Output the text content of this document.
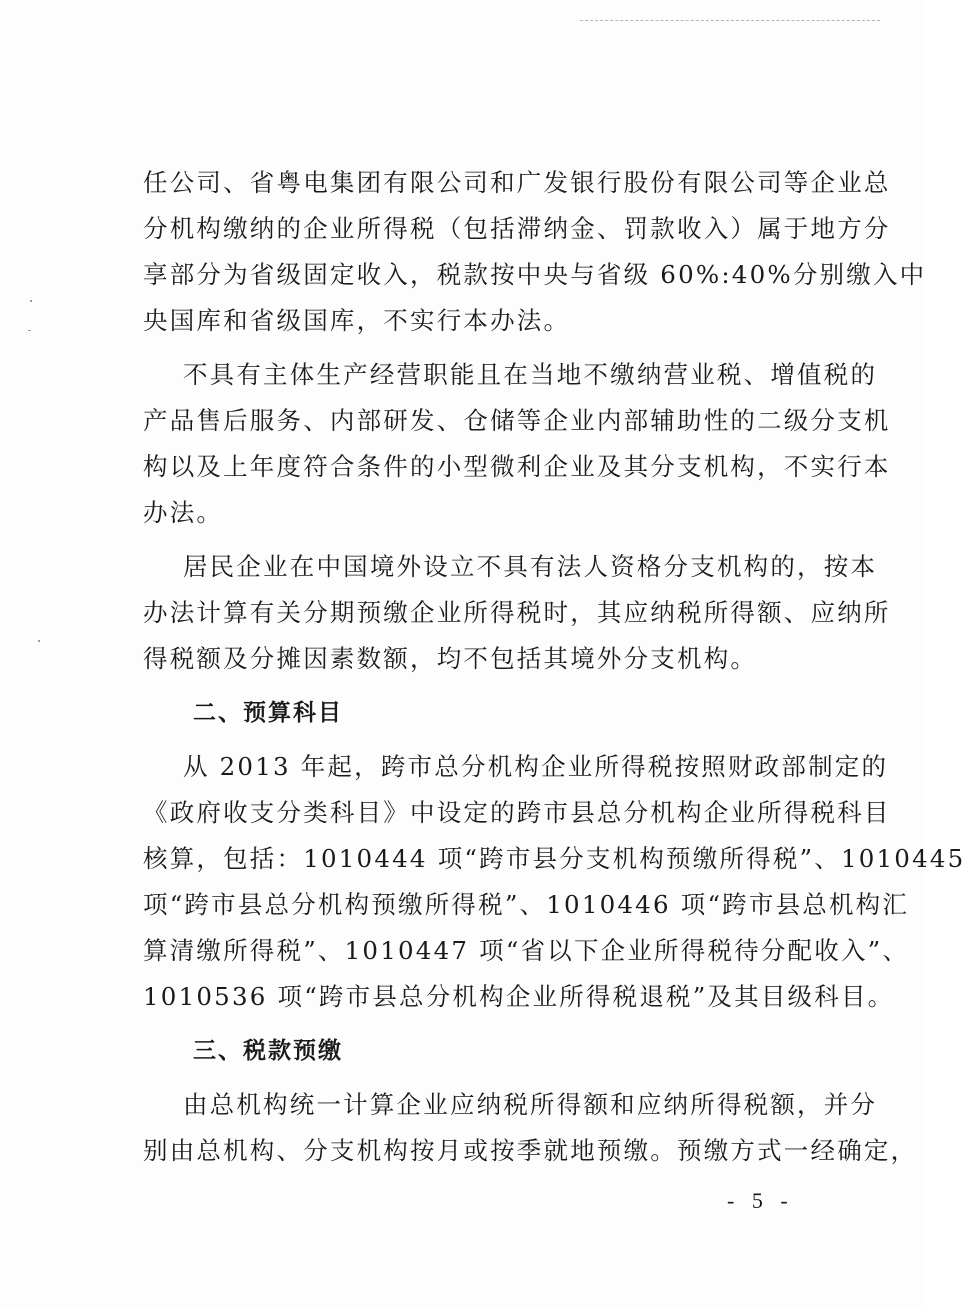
任公司、省粤电集团有限公司和广发银行股份有限公司等企业总
分机构缴纳的企业所得税（包括滞纳金、罚款收入）属于地方分
享部分为省级固定收入，税款按中央与省级 60%:40%分别缴入中
央国库和省级国库，不实行本办法。
不具有主体生产经营职能且在当地不缴纳营业税、增值税的
产品售后服务、内部研发、仓储等企业内部辅助性的二级分支机
构以及上年度符合条件的小型微利企业及其分支机构，不实行本
办法。
居民企业在中国境外设立不具有法人资格分支机构的，按本
办法计算有关分期预缴企业所得税时，其应纳税所得额、应纳所
得税额及分摊因素数额，均不包括其境外分支机构。
二、预算科目
从 2013 年起，跨市总分机构企业所得税按照财政部制定的
《政府收支分类科目》中设定的跨市县总分机构企业所得税科目
核算，包括：1010444 项“跨市县分支机构预缴所得税”、1010445
项“跨市县总分机构预缴所得税”、1010446 项“跨市县总机构汇
算清缴所得税”、1010447 项“省以下企业所得税待分配收入”、
1010536 项“跨市县总分机构企业所得税退税”及其目级科目。
三、税款预缴
由总机构统一计算企业应纳税所得额和应纳所得税额，并分
别由总机构、分支机构按月或按季就地预缴。预缴方式一经确定，
- 5 -
